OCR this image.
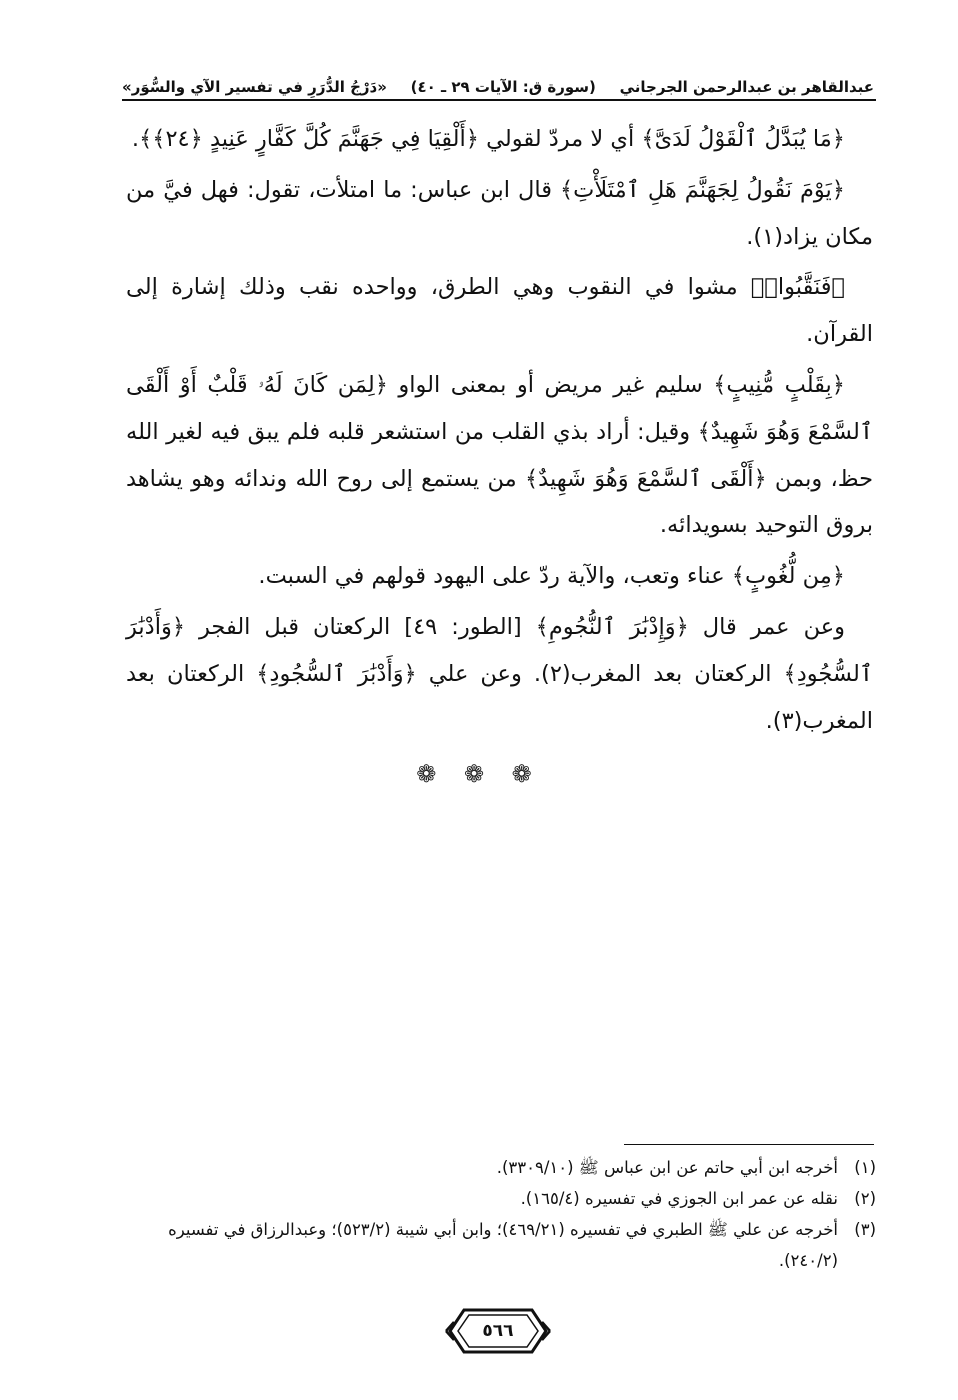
عبدالقاهر بن عبدالرحمن الجرجاني
(سورة ق: الآيات ٢٩ ـ ٤٠)
«دَرْجُ الدُّرَرِ في تفسير الآي والسُّوَر»

﴿مَا يُبَدَّلُ ٱلْقَوْلُ لَدَىَّ﴾ أي لا مردّ لقولي ﴿أَلْقِيَا فِي جَهَنَّمَ كُلَّ كَفَّارٍ عَنِيدٍ ﴿٢٤﴾﴾.

﴿يَوْمَ نَقُولُ لِجَهَنَّمَ هَلِ ٱمْتَلَأْتِ﴾ قال ابن عباس: ما امتلأت، تقول: فهل فيَّ من مكان يزاد(١).

﴿فَنَقَّبُوا۟﴾ مشوا في النقوب وهي الطرق، وواحده نقب وذلك إشارة إلى القرآن.

﴿بِقَلْبٍ مُّنِيبٍ﴾ سليم غير مريض أو بمعنى الواو ﴿لِمَن كَانَ لَهُۥ قَلْبٌ أَوْ أَلْقَى ٱلسَّمْعَ وَهُوَ شَهِيدٌ﴾ وقيل: أراد بذي القلب من استشعر قلبه فلم يبق فيه لغير الله حظ، وبمن ﴿أَلْقَى ٱلسَّمْعَ وَهُوَ شَهِيدٌ﴾ من يستمع إلى روح الله وندائه وهو يشاهد بروق التوحيد بسويدائه.

﴿مِن لُّغُوبٍ﴾ عناء وتعب، والآية ردّ على اليهود قولهم في السبت.

وعن عمر قال ﴿وَإِدْبَٰرَ ٱلنُّجُومِ﴾ [الطور: ٤٩] الركعتان قبل الفجر ﴿وَأَدْبَٰرَ ٱلسُّجُودِ﴾ الركعتان بعد المغرب(٢). وعن علي ﴿وَأَدْبَٰرَ ٱلسُّجُودِ﴾ الركعتان بعد المغرب(٣).

❁ ❁ ❁
(١)
أخرجه ابن أبي حاتم عن ابن عباس ﷺ (٣٣٠٩/١٠).
(٢)
نقله عن عمر ابن الجوزي في تفسيره (١٦٥/٤).
(٣)
أخرجه عن علي ﷺ الطبري في تفسيره (٤٦٩/٢١)؛ وابن أبي شيبة (٥٢٣/٢)؛ وعبدالرزاق في تفسيره (٢٤٠/٢).
٥٦٦
